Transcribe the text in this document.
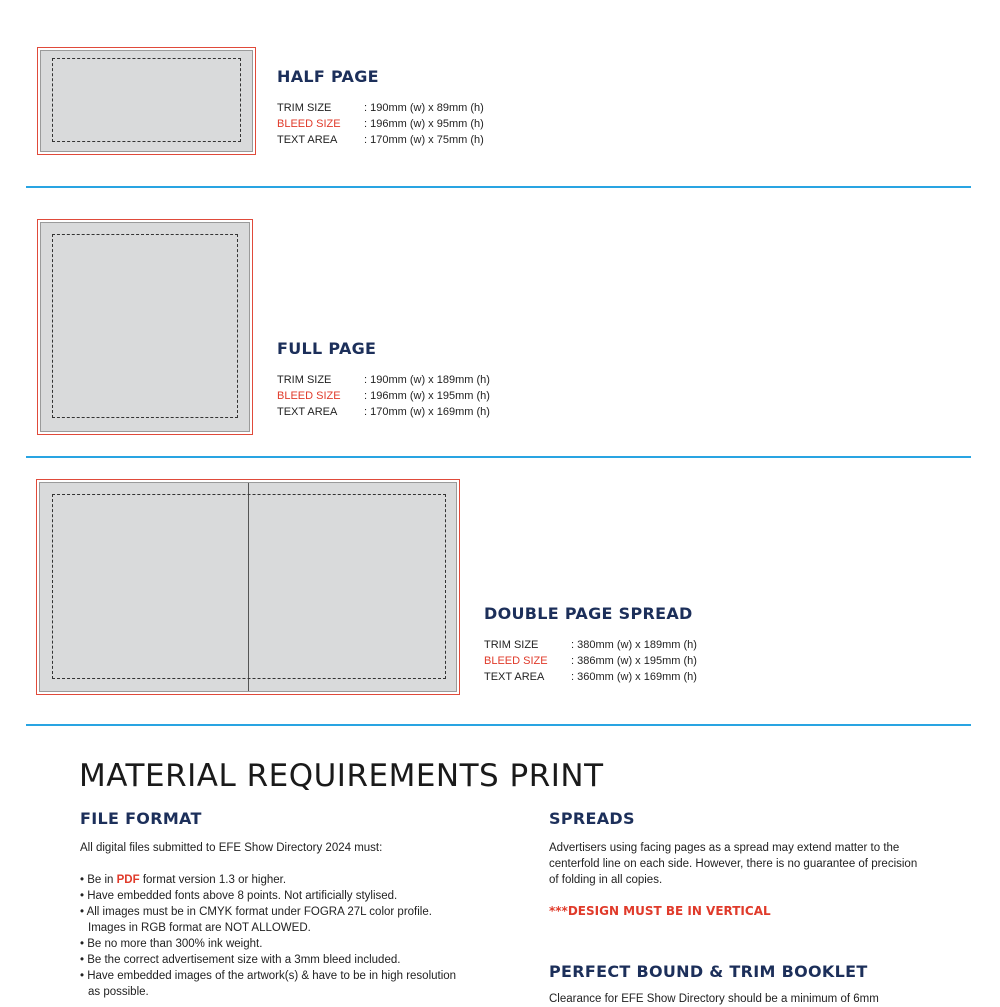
HALF PAGE
TRIM SIZE	: 190mm (w) x 89mm (h)
BLEED SIZE	: 196mm (w) x 95mm (h)
TEXT AREA	: 170mm (w) x 75mm (h)
FULL PAGE
TRIM SIZE	: 190mm (w) x 189mm (h)
BLEED SIZE	: 196mm (w) x 195mm (h)
TEXT AREA	: 170mm (w) x 169mm (h)
DOUBLE PAGE SPREAD
TRIM SIZE	: 380mm (w) x 189mm (h)
BLEED SIZE	: 386mm (w) x 195mm (h)
TEXT AREA	: 360mm (w) x 169mm (h)
MATERIAL REQUIREMENTS PRINT
FILE FORMAT
All digital files submitted to EFE Show Directory 2024 must:
• Be in PDF format version 1.3 or higher.
• Have embedded fonts above 8 points. Not artificially stylised.
• All images must be in CMYK format under FOGRA 27L color profile.
Images in RGB format are NOT ALLOWED.
• Be no more than 300% ink weight.
• Be the correct advertisement size with a 3mm bleed included.
• Have embedded images of the artwork(s) & have to be in high resolution
as possible.
SPREADS
Advertisers using facing pages as a spread may extend matter to the centerfold line on each side. However, there is no guarantee of precision of folding in all copies.
***DESIGN MUST BE IN VERTICAL
PERFECT BOUND & TRIM BOOKLET
Clearance for EFE Show Directory should be a minimum of 6mm
